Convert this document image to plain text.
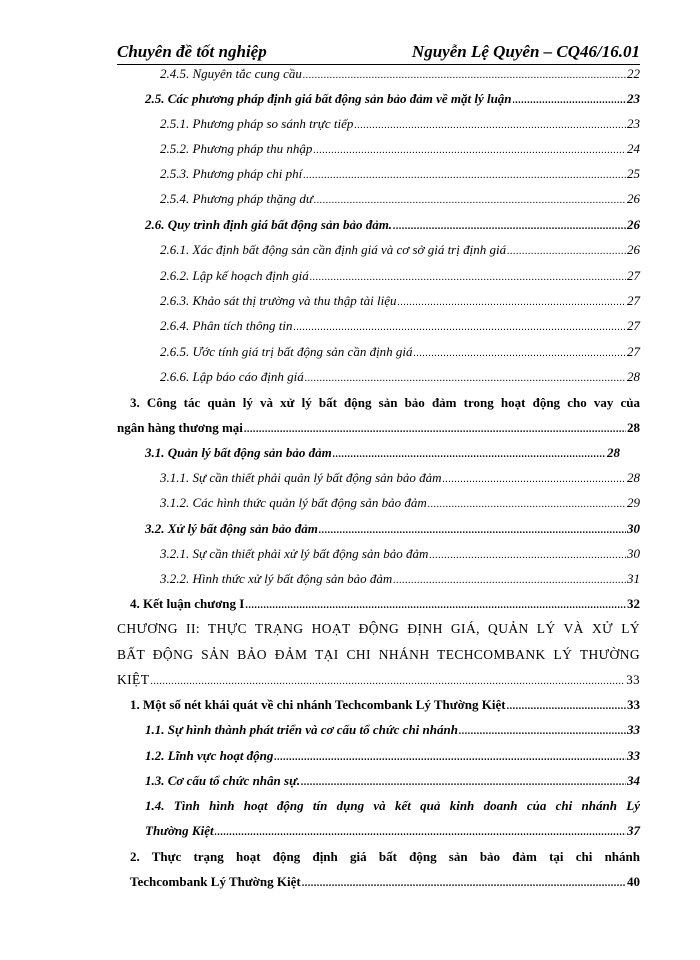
Chuyên đề tốt nghiệp	Nguyễn Lệ Quyên – CQ46/16.01
2.4.5. Nguyên tắc cung cầu .....	22
2.5. Các phương pháp định giá bất động sản bảo đảm về mặt lý luận .....	23
2.5.1. Phương pháp so sánh trực tiếp .....	23
2.5.2. Phương pháp thu nhập .....	24
2.5.3. Phương pháp chi phí .....	25
2.5.4. Phương pháp thặng dư .....	26
2.6. Quy trình định giá bất động sản bảo đảm. .....	26
2.6.1. Xác định bất động sản cần định giá và cơ sở giá trị định giá .....	26
2.6.2. Lập kế hoạch định giá .....	27
2.6.3. Khảo sát thị trường và thu thập tài liệu .....	27
2.6.4. Phân tích thông tin .....	27
2.6.5. Ước tính giá trị bất động sản cần định giá .....	27
2.6.6. Lập báo cáo định giá .....	28
3. Công tác quản lý và xử lý bất động sản bảo đảm trong hoạt động cho vay của
ngân hàng thương mại .....	28
3.1. Quản lý bất động sản bảo đảm .....	28
3.1.1. Sự cần thiết phải quản lý bất động sản bảo đảm .....	28
3.1.2. Các hình thức quản lý bất động sản bảo đảm .....	29
3.2. Xử lý bất động sản bảo đảm .....	30
3.2.1. Sự cần thiết phải xử lý bất động sản bảo đảm .....	30
3.2.2. Hình thức xử lý bất động sản bảo đảm .....	31
4. Kết luận chương I .....	32
CHƯƠNG II: THỰC TRẠNG HOẠT ĐỘNG ĐỊNH GIÁ, QUẢN LÝ VÀ XỬ LÝ
BẤT ĐỘNG SẢN BẢO ĐẢM TẠI CHI NHÁNH TECHCOMBANK LÝ THƯỜNG
KIỆT .....	33
1. Một số nét khái quát về chi nhánh Techcombank Lý Thường Kiệt .....	33
1.1. Sự hình thành phát triển và cơ cấu tổ chức chi nhánh .....	33
1.2. Lĩnh vực hoạt động .....	33
1.3. Cơ cấu tổ chức nhân sự. .....	34
1.4. Tình hình hoạt động tín dụng và kết quả kinh doanh của chi nhánh Lý
Thường Kiệt .....	37
2. Thực trạng hoạt động định giá bất động sản bảo đảm tại chi nhánh
Techcombank Lý Thường Kiệt .....	40
